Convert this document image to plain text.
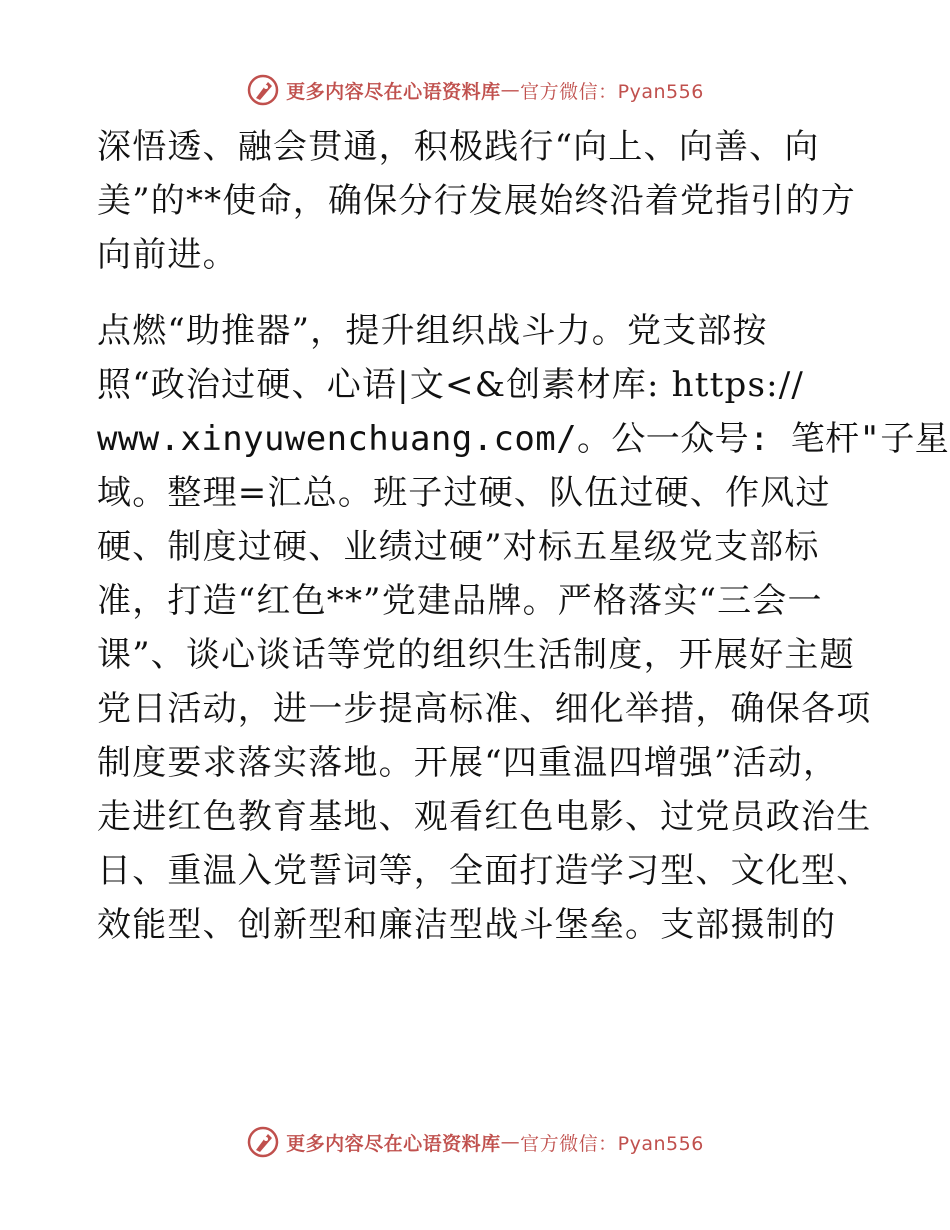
更多内容尽在心语资料库 — 官方微信：Pyan556
深悟透、融会贯通，积极践行“向上、向善、向
美”的**使命，确保分行发展始终沿着党指引的方
向前进。
点燃“助推器”，提升组织战斗力。党支部按
照“政治过硬、心语|文<&创素材库: https://
www.xinyuwenchuang.com/。公一众号: 笔杆"子星
域。整理=汇总。班子过硬、队伍过硬、作风过
硬、制度过硬、业绩过硬”对标五星级党支部标
准，打造“红色**”党建品牌。严格落实“三会一
课”、谈心谈话等党的组织生活制度，开展好主题
党日活动，进一步提高标准、细化举措，确保各项
制度要求落实落地。开展“四重温四增强”活动，
走进红色教育基地、观看红色电影、过党员政治生
日、重温入党誓词等，全面打造学习型、文化型、
效能型、创新型和廉洁型战斗堡垒。支部摄制的
更多内容尽在心语资料库 — 官方微信：Pyan556
